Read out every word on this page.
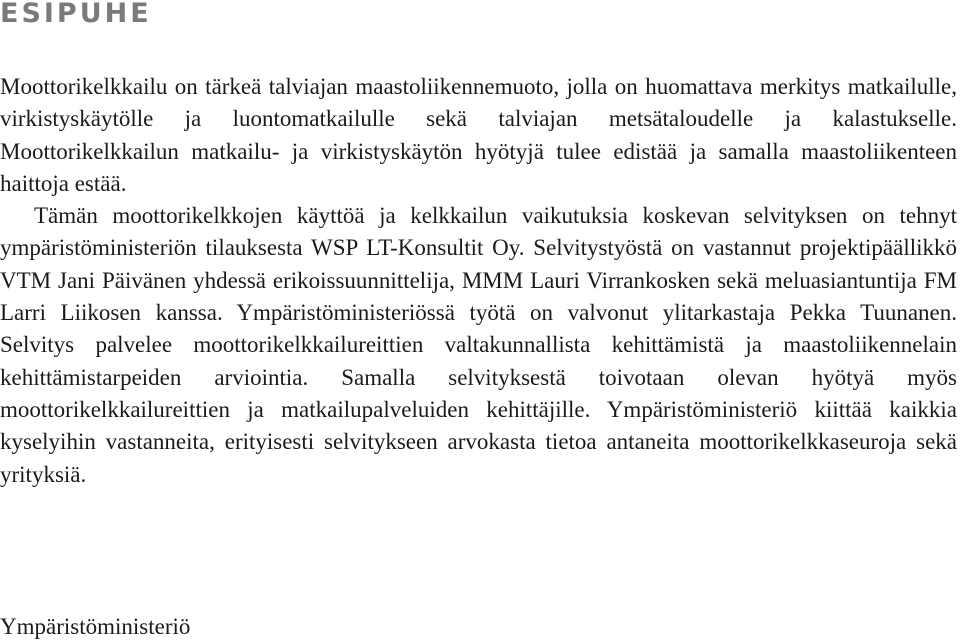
ESIPUHE

Moottorikelkkailu on tärkeä talviajan maastoliikennemuoto, jolla on huomattava merkitys matkailulle, virkistyskäytölle ja luontomatkailulle sekä talviajan metsätaloudelle ja kalastukselle. Moottorikelkkailun matkailu- ja virkistyskäytön hyötyjä tulee edistää ja samalla maastoliikenteen haittoja estää.

Tämän moottorikelkkojen käyttöä ja kelkkailun vaikutuksia koskevan selvityksen on tehnyt ympäristöministeriön tilauksesta WSP LT-Konsultit Oy. Selvitystyöstä on vastannut projektipäällikkö VTM Jani Päivänen yhdessä erikoissuunnittelija, MMM Lauri Virrankosken sekä meluasiantuntija FM Larri Liikosen kanssa. Ympäristöministeriössä työtä on valvonut ylitarkastaja Pekka Tuunanen. Selvitys palvelee moottorikelkkailureittien valtakunnallista kehittämistä ja maastoliikennelain kehittämistarpeiden arviointia. Samalla selvityksestä toivotaan olevan hyötyä myös moottorikelkkailureittien ja matkailupalveluiden kehittäjille. Ympäristöministeriö kiittää kaikkia kyselyihin vastanneita, erityisesti selvitykseen arvokasta tietoa antaneita moottorikelkkaseuroja sekä yrityksiä.

Ympäristöministeriö
